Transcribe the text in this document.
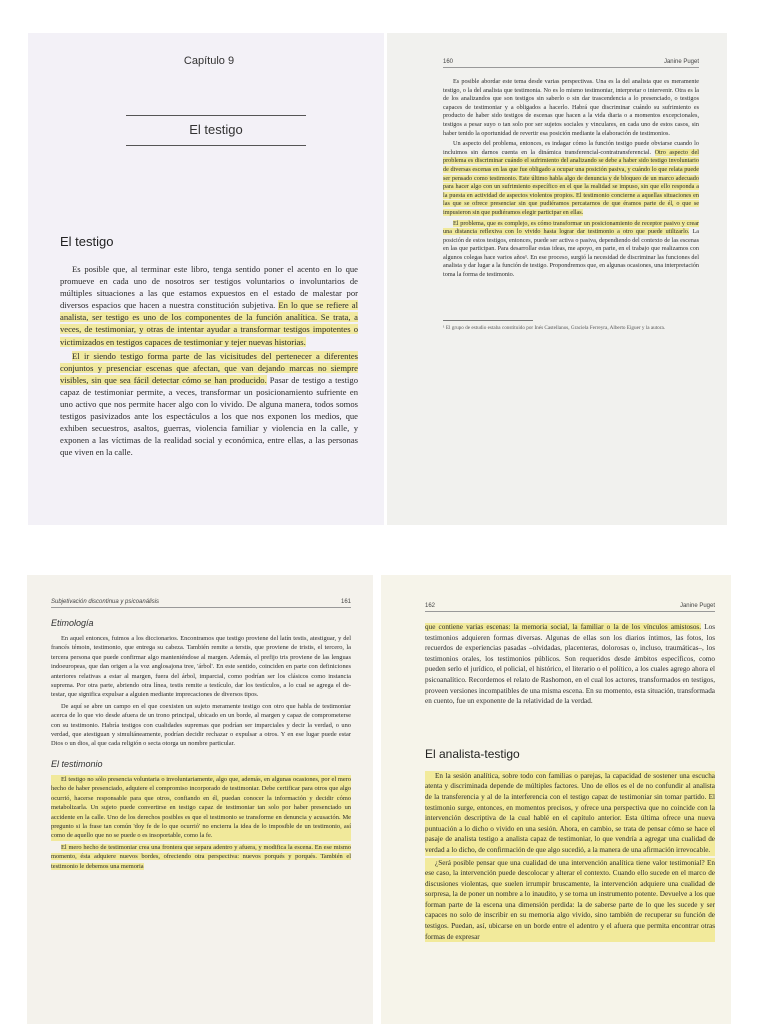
Capítulo 9
El testigo
El testigo

Es posible que, al terminar este libro, tenga sentido poner el acento en lo que promueve en cada uno de nosotros ser testigos voluntarios o involuntarios de múltiples situaciones a las que estamos expuestos en el estado de malestar por diversos espacios que hacen a nuestra constitución subjetiva. En lo que se refiere al analista, ser testigo es uno de los componentes de la función analítica. Se trata, a veces, de testimoniar, y otras de intentar ayudar a transformar testigos impotentes o victimizados en testigos capaces de testimoniar y tejer nuevas historias.

El ir siendo testigo forma parte de las vicisitudes del pertenecer a diferentes conjuntos y presenciar escenas que afectan, que van dejando marcas no siempre visibles, sin que sea fácil detectar cómo se han producido. Pasar de testigo a testigo capaz de testimoniar permite, a veces, transformar un posicionamiento sufriente en uno activo que nos permite hacer algo con lo vivido. De alguna manera, todos somos testigos pasivizados ante los espectáculos a los que nos exponen los medios, que exhiben secuestros, asaltos, guerras, violencia familiar y violencia en la calle, y exponen a las víctimas de la realidad social y económica, entre ellas, a las personas que viven en la calle.

160	Janine Puget

Es posible abordar este tema desde varias perspectivas. Una es la del analista que es meramente testigo, o la del analista que testimonia. No es lo mismo testimoniar, interpretar o intervenir. Otra es la de los analizandos que son testigos sin saberlo o sin dar trascendencia a lo presenciado, o testigos capaces de testimoniar y a obligados a hacerlo. Habrá que discriminar cuándo su sufrimiento es producto de haber sido testigos de escenas que hacen a la vida diaria o a momentos excepcionales, testigos a pesar suyo o tan solo por ser sujetos sociales y vinculares, en cada uno de estos casos, sin haber tenido la oportunidad de revertir esa posición mediante la elaboración de testimonios.

Un aspecto del problema, entonces, es indagar cómo la función testigo puede obviarse cuando lo incluimos sin darnos cuenta en la dinámica transferencial-contratransferencial. Otro aspecto del problema es discriminar cuándo el sufrimiento del analizando se debe a haber sido testigo involuntario de diversas escenas en las que fue obligado a ocupar una posición pasiva, y cuándo lo que relata puede ser pensado como testimonio. Este último habla algo de denuncia y de bloqueo de un marco adecuado para hacer algo con un sufrimiento específico en el que la realidad se impuso, sin que ello responda a la puesta en actividad de aspectos violentos propios. El testimonio concierne a aquellas situaciones en las que se ofrece presenciar sin que pudiéramos percatarnos de que éramos parte de él, o que se impusieron sin que pudiéramos elegir participar en ellas.

El problema, que es complejo, es cómo transformar un posicionamiento de receptor pasivo y crear una distancia reflexiva con lo vivido hasta lograr dar testimonio a otro que puede utilizarlo. La posición de estos testigos, entonces, puede ser activa o pasiva, dependiendo del contexto de las escenas en las que participan. Para desarrollar estas ideas, me apoyo, en parte, en el trabajo que realizamos con algunos colegas hace varios años¹. En ese proceso, surgió la necesidad de discriminar las funciones del analista y dar lugar a la función de testigo. Propondremos que, en algunas ocasiones, una interpretación toma la forma de testimonio.

¹ El grupo de estudio estaba constituido por Inés Castellanos, Graciela Ferreyra, Alberto Eiguer y la autora.
Subjetivación discontinua y psicoanálisis	161
Etimología

En aquel entonces, fuimos a los diccionarios. Encontramos que testigo proviene del latín testis, atestiguar, y del francés témoin, testimonio, que entrega su cabeza. También remite a terstis, que proviene de tristis, el tercero, la tercera persona que puede confirmar algo manteniéndose al margen. Además, el prefijo tris proviene de las lenguas indoeuropeas, que dan origen a la voz anglosajona tree, 'árbol'. En este sentido, coinciden en parte con definiciones anteriores relativas a estar al margen, fuera del árbol, imparcial, como podrían ser los clásicos como instancia suprema. Por otra parte, abriendo otra línea, testis remite a testículo, dar los testículos, a lo cual se agrega el de-testar, que significa expulsar a alguien mediante imprecaciones de diversos tipos.

De aquí se abre un campo en el que coexisten un sujeto meramente testigo con otro que habla de testimoniar acerca de lo que vio desde afuera de un trono principal, ubicado en un borde, al margen y capaz de comprometerse con su testimonio. Habría testigos con cualidades supremas que podrían ser imparciales y decir la verdad, o uno verdad, que atestiguan y simultáneamente, podrían decidir rechazar o expulsar a otros. Y en ese lugar puede estar Dios o un dios, al que cada religión o secta otorga un nombre particular.

El testimonio

El testigo no sólo presencia voluntaria o involuntariamente, algo que, además, en algunas ocasiones, por el mero hecho de haber presenciado, adquiere el compromiso incorporado de testimoniar. Debe certificar para otros que algo ocurrió, hacerse responsable para que otros, confiando en él, puedan conocer la información y decidir cómo metabolizarla. Un sujeto puede convertirse en testigo capaz de testimoniar tan solo por haber presenciado un accidente en la calle. Uno de los derechos posibles es que el testimonio se transforme en denuncia y acusación. Me pregunto si la frase tan común 'doy fe de lo que ocurrió' no encierra la idea de lo imposible de un testimonio, así como de aquello que no se puede o es insoportable, como la fe.

El mero hecho de testimoniar crea una frontera que separa adentro y afuera, y modifica la escena. En ese mismo momento, ésta adquiere nuevos bordes, ofreciendo otra perspectiva: nuevos porqués y porqués. También el testimonio le debemos una memoria

162	Janine Puget

que contiene varias escenas: la memoria social, la familiar o la de los vínculos amistosos. Los testimonios adquieren formas diversas. Algunas de ellas son los diarios íntimos, las fotos, los recuerdos de experiencias pasadas –olvidadas, placenteras, dolorosas o, incluso, traumáticas–, los testimonios orales, los testimonios públicos. Son requeridos desde ámbitos específicos, como pueden serlo el jurídico, el policial, el histórico, el literario o el político, a los cuales agrego ahora el psicoanalítico. Recordemos el relato de Rashomon, en el cual los actores, transformados en testigos, proveen versiones incompatibles de una misma escena. En su momento, esta situación, transformada en cuento, fue un exponente de la relatividad de la verdad.

El analista-testigo

En la sesión analítica, sobre todo con familias o parejas, la capacidad de sostener una escucha atenta y discriminada depende de múltiples factores. Uno de ellos es el de no confundir al analista de la transferencia y al de la interferencia con el testigo capaz de testimoniar sin tomar partido. El testimonio surge, entonces, en momentos precisos, y ofrece una perspectiva que no coincide con la intervención descriptiva de la cual hablé en el capítulo anterior. Esta última ofrece una nueva puntuación a lo dicho o vivido en una sesión. Ahora, en cambio, se trata de pensar cómo se hace el pasaje de analista testigo a analista capaz de testimoniar, lo que vendría a agregar una cualidad de verdad a lo dicho, de confirmación de que algo sucedió, a la manera de una afirmación irrevocable.

¿Será posible pensar que una cualidad de una intervención analítica tiene valor testimonial? En ese caso, la intervención puede descolocar y alterar el contexto. Cuando ello sucede en el marco de discusiones violentas, que suelen irrumpir bruscamente, la intervención adquiere una cualidad de sorpresa, la de poner un nombre a lo inaudito, y se torna un instrumento potente. Devuelve a los que forman parte de la escena una dimensión perdida: la de saberse parte de lo que les sucede y ser capaces no solo de inscribir en su memoria algo vivido, sino también de recuperar su función de testigos. Puedan, así, ubicarse en un borde entre el adentro y el afuera que permita encontrar otras formas de expresar
